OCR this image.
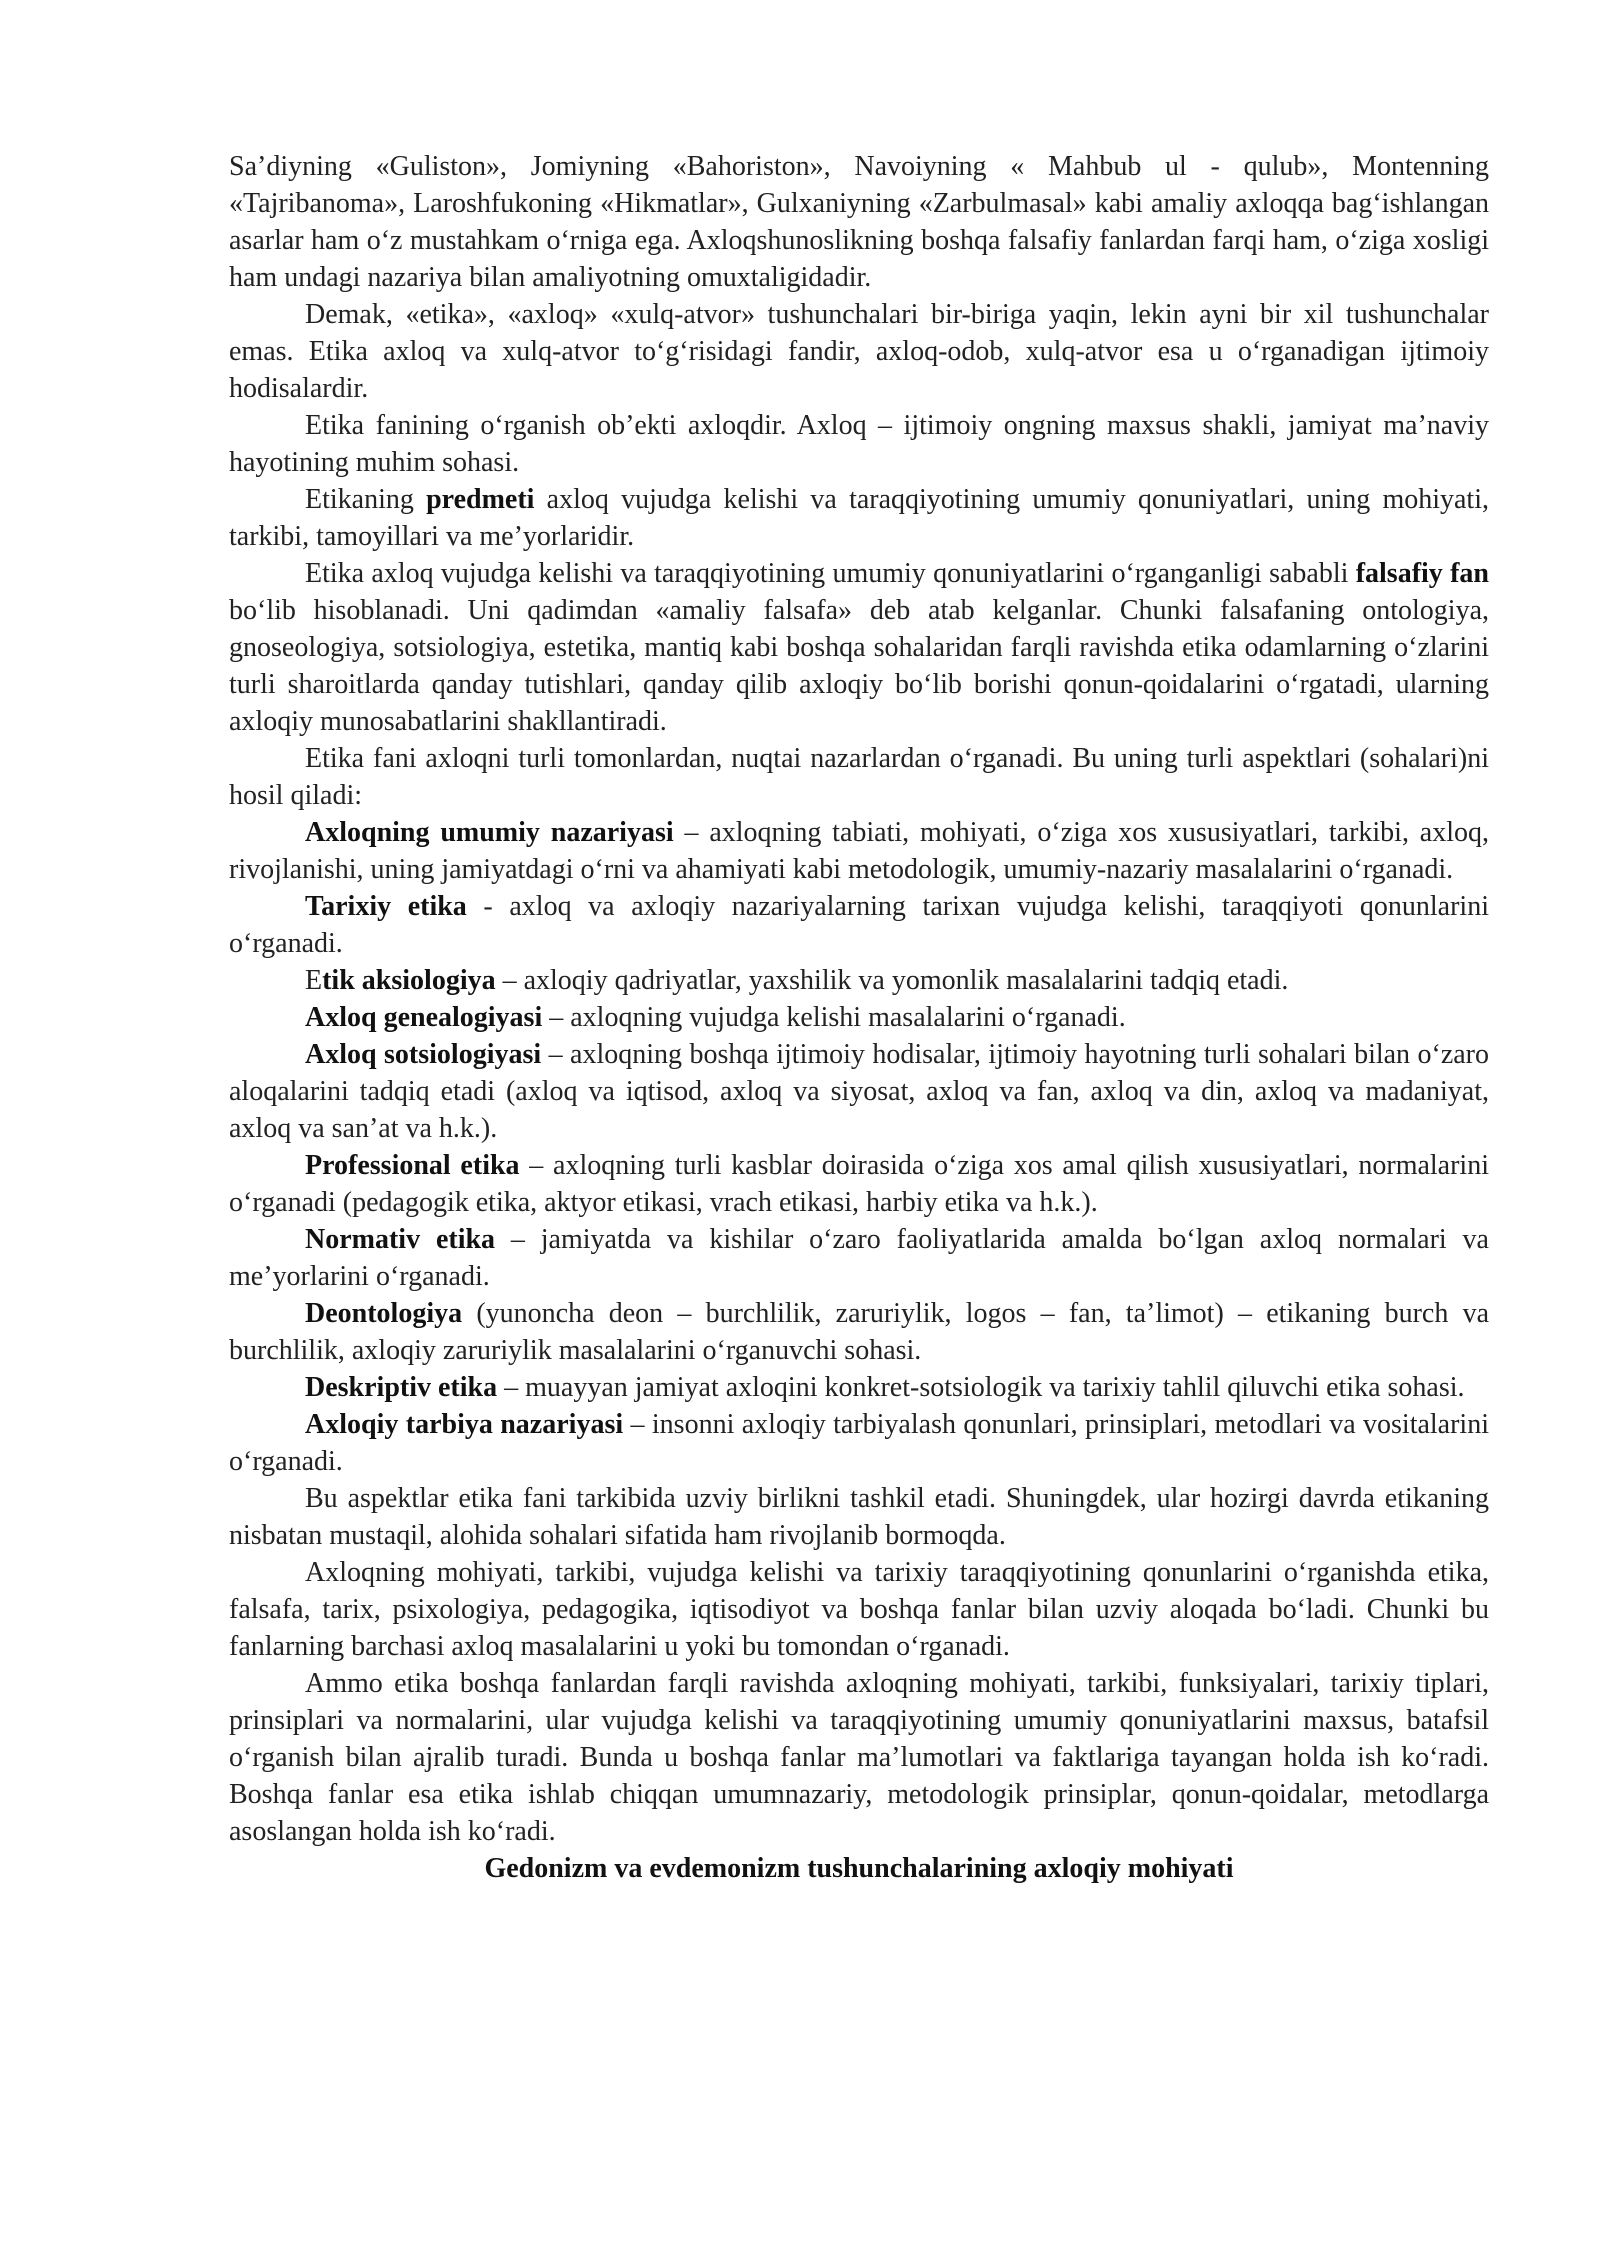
Sa’diyning «Guliston», Jomiyning «Bahoriston», Navoiyning « Mahbub ul - qulub», Montenning «Tajribanoma», Laroshfukoning «Hikmatlar», Gulxaniyning «Zarbulmasal» kabi amaliy axloqqa bag‘ishlangan asarlar ham o‘z mustahkam o‘rniga ega. Axloqshunoslikning boshqa falsafiy fanlardan farqi ham, o‘ziga xosligi ham undagi nazariya bilan amaliyotning omuxtaligidadir.

Demak, «etika», «axloq» «xulq-atvor» tushunchalari bir-biriga yaqin, lekin ayni bir xil tushunchalar emas. Etika axloq va xulq-atvor to‘g‘risidagi fandir, axloq-odob, xulq-atvor esa u o‘rganadigan ijtimoiy hodisalardir.

Etika fanining o‘rganish ob’ekti axloqdir. Axloq – ijtimoiy ongning maxsus shakli, jamiyat ma’naviy hayotining muhim sohasi.

Etikaning predmeti axloq vujudga kelishi va taraqqiyotining umumiy qonuniyatlari, uning mohiyati, tarkibi, tamoyillari va me’yorlaridir.

Etika axloq vujudga kelishi va taraqqiyotining umumiy qonuniyatlarini o‘rganganligi sababli falsafiy fan bo‘lib hisoblanadi. Uni qadimdan «amaliy falsafa» deb atab kelganlar. Chunki falsafaning ontologiya, gnoseologiya, sotsiologiya, estetika, mantiq kabi boshqa sohalaridan farqli ravishda etika odamlarning o‘zlarini turli sharoitlarda qanday tutishlari, qanday qilib axloqiy bo‘lib borishi qonun-qoidalarini o‘rgatadi, ularning axloqiy munosabatlarini shakllantiradi.

Etika fani axloqni turli tomonlardan, nuqtai nazarlardan o‘rganadi. Bu uning turli aspektlari (sohalari)ni hosil qiladi:

Axloqning umumiy nazariyasi – axloqning tabiati, mohiyati, o‘ziga xos xususiyatlari, tarkibi, axloq, rivojlanishi, uning jamiyatdagi o‘rni va ahamiyati kabi metodologik, umumiy-nazariy masalalarini o‘rganadi.

Tarixiy etika - axloq va axloqiy nazariyalarning tarixan vujudga kelishi, taraqqiyoti qonunlarini o‘rganadi.

Etik aksiologiya – axloqiy qadriyatlar, yaxshilik va yomonlik masalalarini tadqiq etadi.

Axloq genealogiyasi – axloqning vujudga kelishi masalalarini o‘rganadi.

Axloq sotsiologiyasi – axloqning boshqa ijtimoiy hodisalar, ijtimoiy hayotning turli sohalari bilan o‘zaro aloqalarini tadqiq etadi (axloq va iqtisod, axloq va siyosat, axloq va fan, axloq va din, axloq va madaniyat, axloq va san’at va h.k.).

Professional etika – axloqning turli kasblar doirasida o‘ziga xos amal qilish xususiyatlari, normalarini o‘rganadi (pedagogik etika, aktyor etikasi, vrach etikasi, harbiy etika va h.k.).

Normativ etika – jamiyatda va kishilar o‘zaro faoliyatlarida amalda bo‘lgan axloq normalari va me’yorlarini o‘rganadi.

Deontologiya (yunoncha deon – burchlilik, zaruriylik, logos – fan, ta’limot) – etikaning burch va burchlilik, axloqiy zaruriylik masalalarini o‘rganuvchi sohasi.

Deskriptiv etika – muayyan jamiyat axloqini konkret-sotsiologik va tarixiy tahlil qiluvchi etika sohasi.

Axloqiy tarbiya nazariyasi – insonni axloqiy tarbiyalash qonunlari, prinsiplari, metodlari va vositalarini o‘rganadi.

Bu aspektlar etika fani tarkibida uzviy birlikni tashkil etadi. Shuningdek, ular hozirgi davrda etikaning nisbatan mustaqil, alohida sohalari sifatida ham rivojlanib bormoqda.

Axloqning mohiyati, tarkibi, vujudga kelishi va tarixiy taraqqiyotining qonunlarini o‘rganishda etika, falsafa, tarix, psixologiya, pedagogika, iqtisodiyot va boshqa fanlar bilan uzviy aloqada bo‘ladi. Chunki bu fanlarning barchasi axloq masalalarini u yoki bu tomondan o‘rganadi.

Ammo etika boshqa fanlardan farqli ravishda axloqning mohiyati, tarkibi, funksiyalari, tarixiy tiplari, prinsiplari va normalarini, ular vujudga kelishi va taraqqiyotining umumiy qonuniyatlarini maxsus, batafsil o‘rganish bilan ajralib turadi. Bunda u boshqa fanlar ma’lumotlari va faktlariga tayangan holda ish ko‘radi. Boshqa fanlar esa etika ishlab chiqqan umumnazariy, metodologik prinsiplar, qonun-qoidalar, metodlarga asoslangan holda ish ko‘radi.

Gedonizm va evdemonizm tushunchalarining axloqiy mohiyati
